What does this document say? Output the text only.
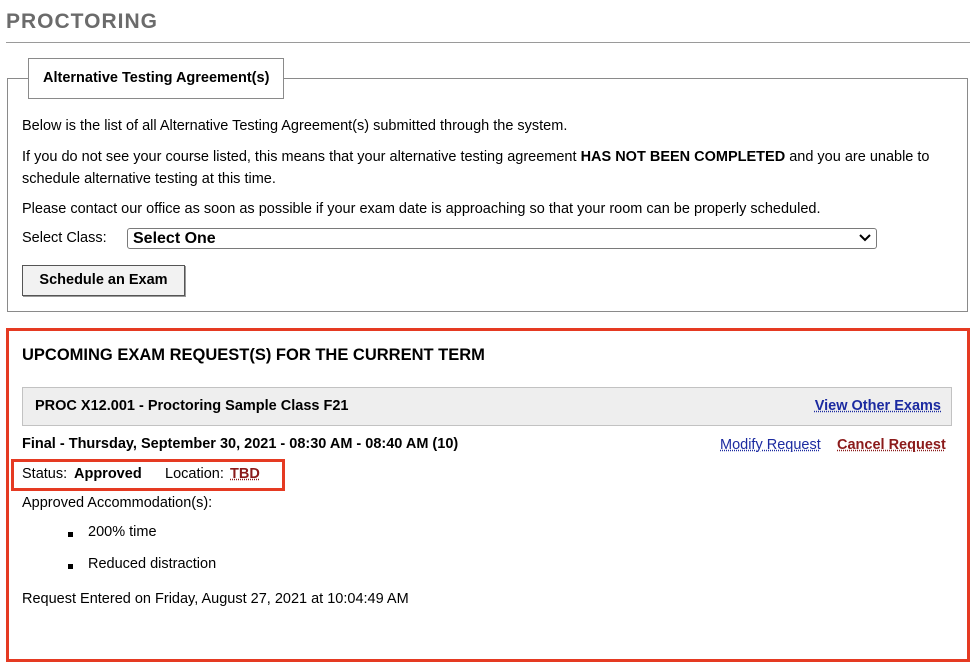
PROCTORING
Alternative Testing Agreement(s)
Below is the list of all Alternative Testing Agreement(s) submitted through the system.
If you do not see your course listed, this means that your alternative testing agreement HAS NOT BEEN COMPLETED and you are unable to schedule alternative testing at this time.
Please contact our office as soon as possible if your exam date is approaching so that your room can be properly scheduled.
Select Class:	Select One
Schedule an Exam
UPCOMING EXAM REQUEST(S) FOR THE CURRENT TERM
PROC X12.001 - Proctoring Sample Class F21	View Other Exams
Final - Thursday, September 30, 2021 - 08:30 AM - 08:40 AM (10)	Modify Request Cancel Request
Status: Approved Location: TBD
Approved Accommodation(s):
200% time
Reduced distraction
Request Entered on Friday, August 27, 2021 at 10:04:49 AM
